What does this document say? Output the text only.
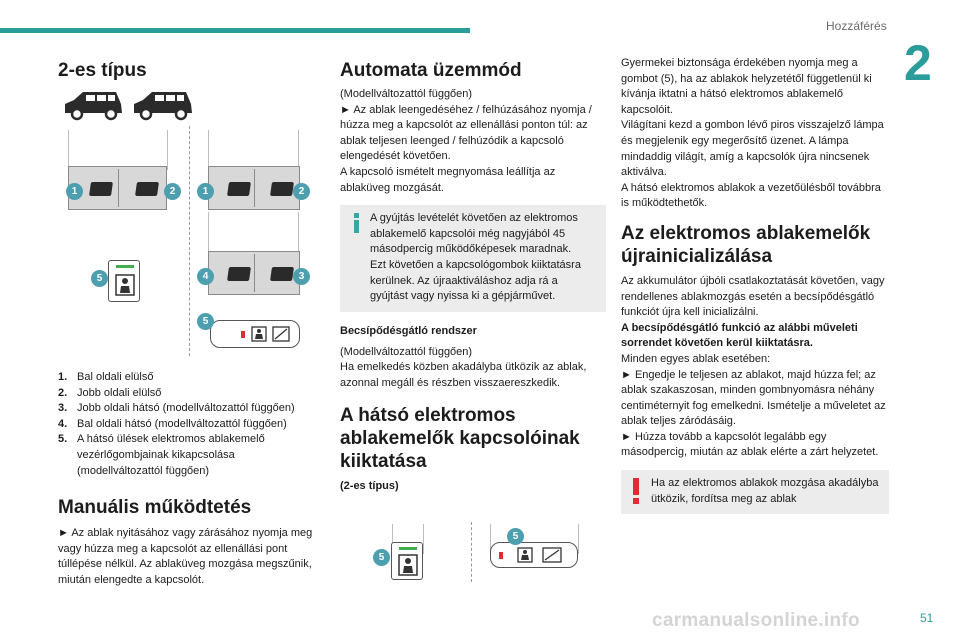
Hozzáférés
2
51
carmanualsonline.info
2-es típus
1	2
5
1	2
4	3
5
1. Bal oldali elülső
2. Jobb oldali elülső
3. Jobb oldali hátsó (modellváltozattól függően)
4. Bal oldali hátsó (modellváltozattól függően)
5. A hátsó ülések elektromos ablakemelő vezérlőgombjainak kikapcsolása (modellváltozattól függően)
Manuális működtetés

► Az ablak nyitásához vagy zárásához nyomja meg vagy húzza meg a kapcsolót az ellenállási pont túllépése nélkül. Az ablaküveg mozgása megszűnik, miután elengedte a kapcsolót.

Automata üzemmód

(Modellváltozattól függően)

► Az ablak leengedéséhez / felhúzásához nyomja / húzza meg a kapcsolót az ellenállási ponton túl: az ablak teljesen leenged / felhúzódik a kapcsoló elengedését követően.

A kapcsoló ismételt megnyomása leállítja az ablaküveg mozgását.

A gyújtás levételét követően az elektromos ablakemelő kapcsolói még nagyjából 45 másodpercig működőképesek maradnak.

Ezt követően a kapcsológombok kiiktatásra kerülnek. Az újraaktiváláshoz adja rá a gyújtást vagy nyissa ki a gépjárművet.

Becsípődésgátló rendszer

(Modellváltozattól függően)

Ha emelkedés közben akadályba ütközik az ablak, azonnal megáll és részben visszaereszkedik.

A hátsó elektromos ablakemelők kapcsolóinak kiiktatása
(2-es típus)
5
5

Gyermekei biztonsága érdekében nyomja meg a gombot (5), ha az ablakok helyzetétől függetlenül ki kívánja iktatni a hátsó elektromos ablakemelő kapcsolóit.

Világítani kezd a gombon lévő piros visszajelző lámpa és megjelenik egy megerősítő üzenet. A lámpa mindaddig világít, amíg a kapcsolók újra nincsenek aktiválva.

A hátsó elektromos ablakok a vezetőülésből továbbra is működtethetők.

Az elektromos ablakemelők újrainicializálása

Az akkumulátor újbóli csatlakoztatását követően, vagy rendellenes ablakmozgás esetén a becsípődésgátló funkciót újra kell inicializálni.

A becsípődésgátló funkció az alábbi műveleti sorrendet követően kerül kiiktatásra.

Minden egyes ablak esetében:

► Engedje le teljesen az ablakot, majd húzza fel; az ablak szakaszosan, minden gombnyomásra néhány centiméternyit fog emelkedni. Ismételje a műveletet az ablak teljes záródásáig.

► Húzza tovább a kapcsolót legalább egy másodpercig, miután az ablak elérte a zárt helyzetet.

Ha az elektromos ablakok mozgása akadályba ütközik, fordítsa meg az ablak
